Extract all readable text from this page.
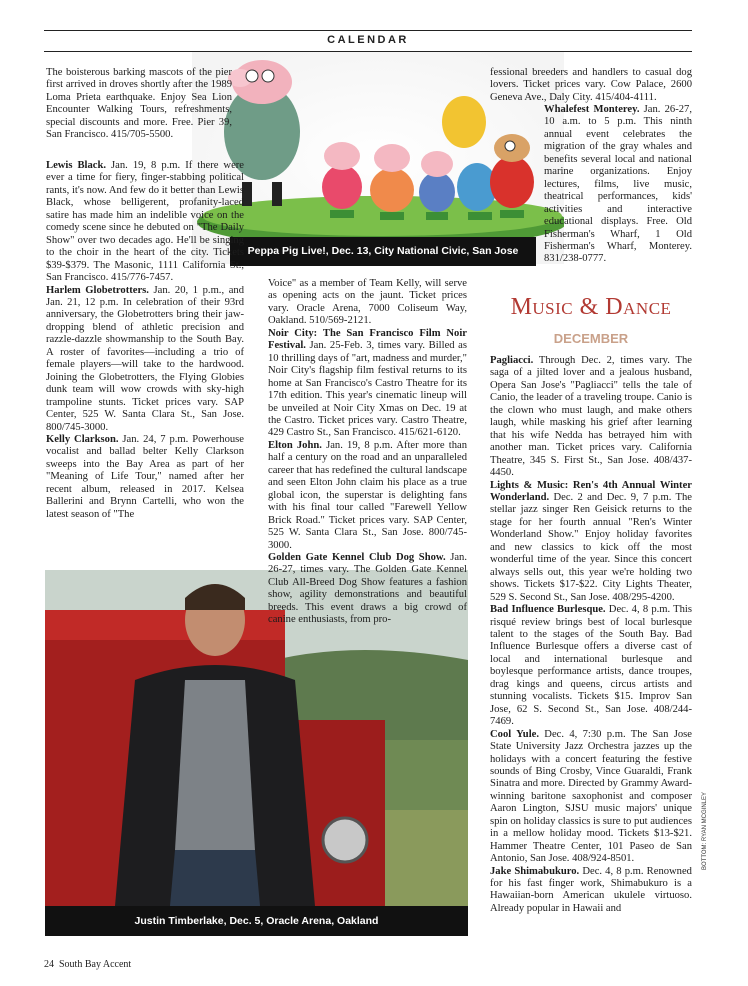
CALENDAR
Peppa Pig Live!, Dec. 13, City National Civic, San Jose

The boisterous barking mascots of the pier first arrived in droves shortly after the 1989 Loma Prieta earthquake. Enjoy Sea Lion Encounter Walking Tours, refreshments, special discounts and more. Free. Pier 39, San Francisco. 415/705-5500.

Lewis Black. Jan. 19, 8 p.m. If there were ever a time for fiery, finger-stabbing political rants, it's now. And few do it better than Lewis Black, whose belligerent, profanity-laced satire has made him an indelible voice on the comedy scene since he debuted on "The Daily Show" over two decades ago. He'll be singing to the choir in the heart of the city. Tickets $39-$379. The Masonic, 1111 California St., San Francisco. 415/776-7457.

Harlem Globetrotters. Jan. 20, 1 p.m., and Jan. 21, 12 p.m. In celebration of their 93rd anniversary, the Globetrotters bring their jaw-dropping blend of athletic precision and razzle-dazzle showmanship to the South Bay. A roster of favorites—including a trio of female players—will take to the hardwood. Joining the Globetrotters, the Flying Globies dunk team will wow crowds with sky-high trampoline stunts. Ticket prices vary. SAP Center, 525 W. Santa Clara St., San Jose. 800/745-3000.

Kelly Clarkson. Jan. 24, 7 p.m. Powerhouse vocalist and ballad belter Kelly Clarkson sweeps into the Bay Area as part of her "Meaning of Life Tour," named after her recent album, released in 2017. Kelsea Ballerini and Brynn Cartelli, who won the latest season of "The

Justin Timberlake, Dec. 5, Oracle Arena, Oakland

Voice" as a member of Team Kelly, will serve as opening acts on the jaunt. Ticket prices vary. Oracle Arena, 7000 Coliseum Way, Oakland. 510/569-2121.

Noir City: The San Francisco Film Noir Festival. Jan. 25-Feb. 3, times vary. Billed as 10 thrilling days of "art, madness and murder," Noir City's flagship film festival returns to its home at San Francisco's Castro Theatre for its 17th edition. This year's cinematic lineup will be unveiled at Noir City Xmas on Dec. 19 at the Castro. Ticket prices vary. Castro Theatre, 429 Castro St., San Francisco. 415/621-6120.

Elton John. Jan. 19, 8 p.m. After more than half a century on the road and an unparalleled career that has redefined the cultural landscape and seen Elton John claim his place as a true global icon, the superstar is delighting fans with his final tour called "Farewell Yellow Brick Road." Ticket prices vary. SAP Center, 525 W. Santa Clara St., San Jose. 800/745-3000.

Golden Gate Kennel Club Dog Show. Jan. 26-27, times vary. The Golden Gate Kennel Club All-Breed Dog Show features a fashion show, agility demonstrations and beautiful breeds. This event draws a big crowd of canine enthusiasts, from pro-

fessional breeders and handlers to casual dog lovers. Ticket prices vary. Cow Palace, 2600 Geneva Ave., Daly City. 415/404-4111.

Whalefest Monterey. Jan. 26-27, 10 a.m. to 5 p.m. This ninth annual event celebrates the migration of the gray whales and benefits several local and national marine organizations. Enjoy lectures, films, live music, theatrical performances, kids' activities and interactive educational displays. Free. Old Fisherman's Wharf, 1 Old Fisherman's Wharf, Monterey. 831/238-0777.

Music & Dance
DECEMBER

Pagliacci. Through Dec. 2, times vary. The saga of a jilted lover and a jealous husband, Opera San Jose's "Pagliacci" tells the tale of Canio, the leader of a traveling troupe. Canio is the clown who must laugh, and make others laugh, while masking his grief after learning that his wife Nedda has betrayed him with another man. Ticket prices vary. California Theatre, 345 S. First St., San Jose. 408/437-4450.

Lights & Music: Ren's 4th Annual Winter Wonderland. Dec. 2 and Dec. 9, 7 p.m. The stellar jazz singer Ren Geisick returns to the stage for her fourth annual "Ren's Winter Wonderland Show." Enjoy holiday favorites and new classics to kick off the most wonderful time of the year. Since this concert always sells out, this year we're holding two shows. Tickets $17-$22. City Lights Theater, 529 S. Second St., San Jose. 408/295-4200.

Bad Influence Burlesque. Dec. 4, 8 p.m. This risqué review brings best of local burlesque talent to the stages of the South Bay. Bad Influence Burlesque offers a diverse cast of local and international burlesque and boylesque performance artists, dance troupes, drag kings and queens, circus artists and stunning vocalists. Tickets $15. Improv San Jose, 62 S. Second St., San Jose. 408/244-7469.

Cool Yule. Dec. 4, 7:30 p.m. The San Jose State University Jazz Orchestra jazzes up the holidays with a concert featuring the festive sounds of Bing Crosby, Vince Guaraldi, Frank Sinatra and more. Directed by Grammy Award-winning baritone saxophonist and composer Aaron Lington, SJSU music majors' unique spin on holiday classics is sure to put audiences in a mellow holiday mood. Tickets $13-$21. Hammer Theatre Center, 101 Paseo de San Antonio, San Jose. 408/924-8501.

Jake Shimabukuro. Dec. 4, 8 p.m. Renowned for his fast finger work, Shimabukuro is a Hawaiian-born American ukulele virtuoso. Already popular in Hawaii and

BOTTOM: RYAN MCGINLEY
24 South Bay Accent
